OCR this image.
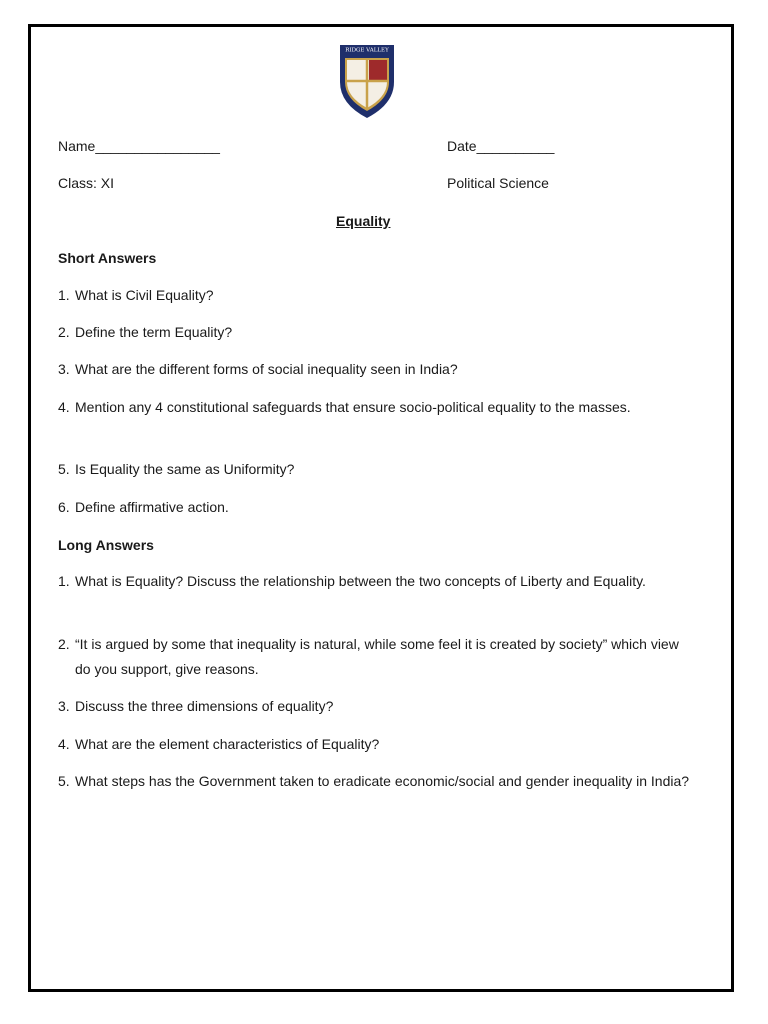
RIDGE VALLEY
Name________________	Date__________
Class: XI	Political Science
Equality
Short Answers
1. What is Civil Equality?
2. Define the term Equality?
3. What are the different forms of social inequality seen in India?
4. Mention any 4 constitutional safeguards that ensure socio-political equality to the masses.
5. Is Equality the same as Uniformity?
6. Define affirmative action.
Long Answers
1. What is Equality? Discuss the relationship between the two concepts of Liberty and Equality.
2. “It is argued by some that inequality is natural, while some feel it is created by society” which view do you support, give reasons.
3. Discuss the three dimensions of equality?
4. What are the element characteristics of Equality?
5. What steps has the Government taken to eradicate economic/social and gender inequality in India?
